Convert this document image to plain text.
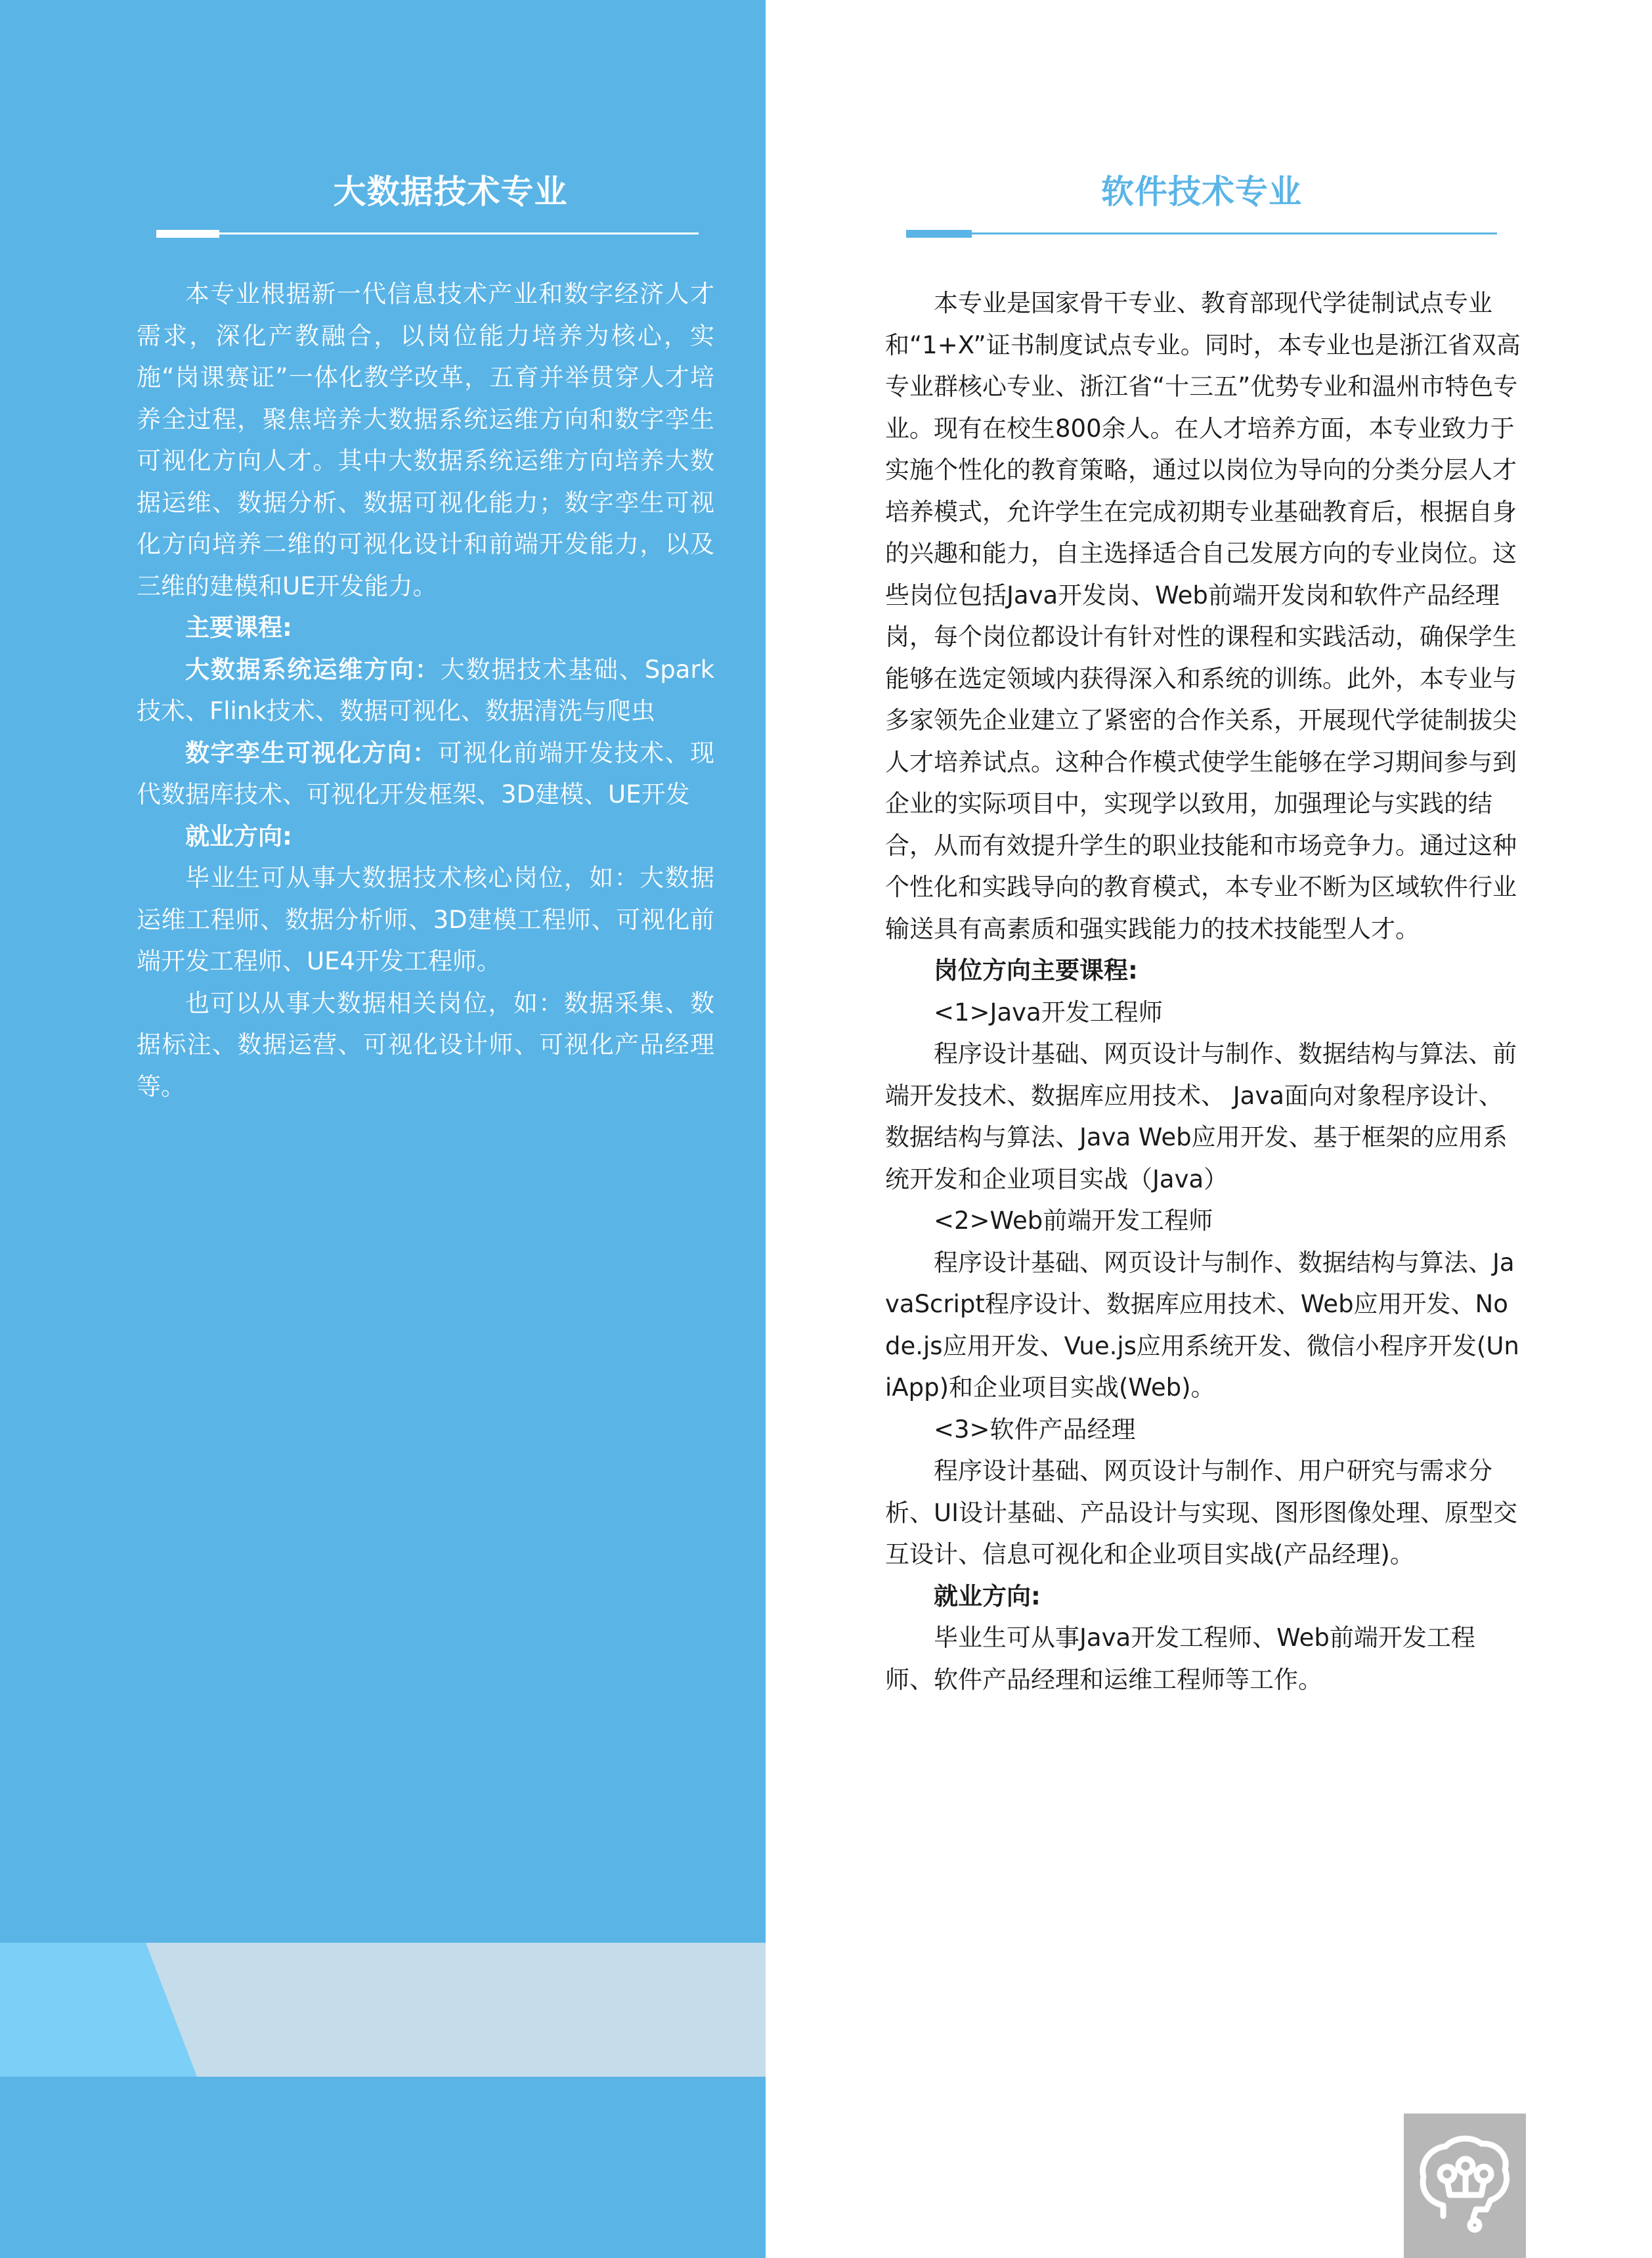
大数据技术专业

本专业根据新一代信息技术产业和数字经济人才需求，深化产教融合，以岗位能力培养为核心，实施“岗课赛证”一体化教学改革，五育并举贯穿人才培养全过程，聚焦培养大数据系统运维方向和数字孪生可视化方向人才。其中大数据系统运维方向培养大数据运维、数据分析、数据可视化能力；数字孪生可视化方向培养二维的可视化设计和前端开发能力，以及三维的建模和UE开发能力。

主要课程:

大数据系统运维方向：大数据技术基础、Spark技术、Flink技术、数据可视化、数据清洗与爬虫

数字孪生可视化方向：可视化前端开发技术、现代数据库技术、可视化开发框架、3D建模、UE开发

就业方向:

毕业生可从事大数据技术核心岗位，如：大数据运维工程师、数据分析师、3D建模工程师、可视化前端开发工程师、UE4开发工程师。

也可以从事大数据相关岗位，如：数据采集、数据标注、数据运营、可视化设计师、可视化产品经理等。

软件技术专业

本专业是国家骨干专业、教育部现代学徒制试点专业和“1+X”证书制度试点专业。同时，本专业也是浙江省双高专业群核心专业、浙江省“十三五”优势专业和温州市特色专业。现有在校生800余人。在人才培养方面，本专业致力于实施个性化的教育策略，通过以岗位为导向的分类分层人才培养模式，允许学生在完成初期专业基础教育后，根据自身的兴趣和能力，自主选择适合自己发展方向的专业岗位。这些岗位包括Java开发岗、Web前端开发岗和软件产品经理岗，每个岗位都设计有针对性的课程和实践活动，确保学生能够在选定领域内获得深入和系统的训练。此外，本专业与多家领先企业建立了紧密的合作关系，开展现代学徒制拔尖人才培养试点。这种合作模式使学生能够在学习期间参与到企业的实际项目中，实现学以致用，加强理论与实践的结合，从而有效提升学生的职业技能和市场竞争力。通过这种个性化和实践导向的教育模式，本专业不断为区域软件行业输送具有高素质和强实践能力的技术技能型人才。

岗位方向主要课程:

<1>Java开发工程师

程序设计基础、网页设计与制作、数据结构与算法、前端开发技术、数据库应用技术、 Java面向对象程序设计、数据结构与算法、Java Web应用开发、基于框架的应用系统开发和企业项目实战（Java）

<2>Web前端开发工程师

程序设计基础、网页设计与制作、数据结构与算法、JavaScript程序设计、数据库应用技术、Web应用开发、Node.js应用开发、Vue.js应用系统开发、微信小程序开发(UniApp)和企业项目实战(Web)。

<3>软件产品经理

程序设计基础、网页设计与制作、用户研究与需求分析、UI设计基础、产品设计与实现、图形图像处理、原型交互设计、信息可视化和企业项目实战(产品经理)。

就业方向:

毕业生可从事Java开发工程师、Web前端开发工程师、软件产品经理和运维工程师等工作。
